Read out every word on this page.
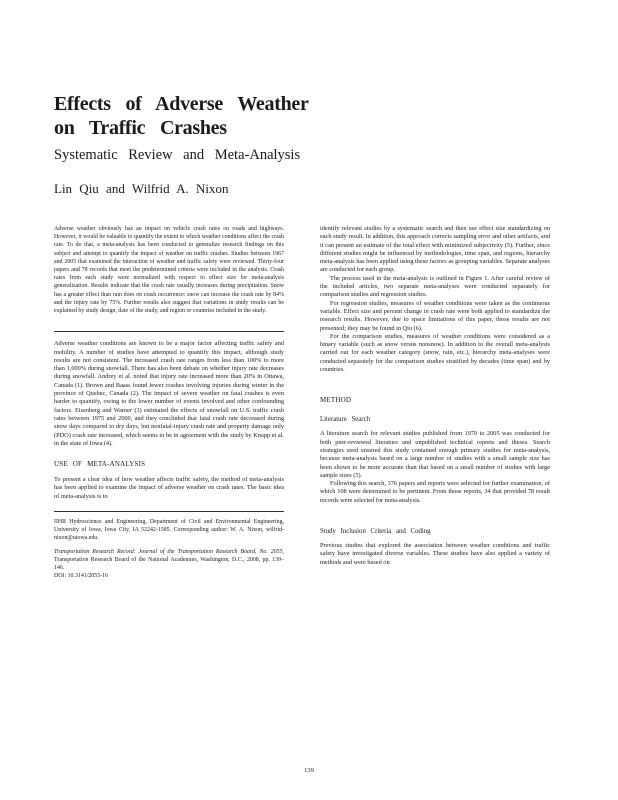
Effects of Adverse Weather

on Traffic Crashes

Systematic Review and Meta-Analysis

Lin Qiu and Wilfrid A. Nixon

Adverse weather obviously has an impact on vehicle crash rates on roads and highways. However, it would be valuable to quantify the extent to which weather conditions affect the crash rate. To do that, a meta-analysis has been conducted to generalize research findings on this subject and attempt to quantify the impact of weather on traffic crashes. Studies between 1967 and 2005 that examined the interaction of weather and traffic safety were reviewed. Thirty-four papers and 78 records that meet the predetermined criteria were included in the analysis. Crash rates from each study were normalized with respect to effect size for meta-analysis generalization. Results indicate that the crash rate usually increases during precipitation. Snow has a greater effect than rain does on crash occurrence: snow can increase the crash rate by 84% and the injury rate by 75%. Further results also suggest that variations in study results can be explained by study design, date of the study, and region or countries included in the study.

Adverse weather conditions are known to be a major factor affecting traffic safety and mobility. A number of studies have attempted to quantify this impact, although study results are not consistent. The increased crash rate ranges from less than 100% to more than 1,000% during snowfall. There has also been debate on whether injury rate decreases during snowfall. Andrey et al. noted that injury rate increased more than 20% in Ottawa, Canada (1). Brown and Baass found fewer crashes involving injuries during winter in the province of Quebec, Canada (2). The impact of severe weather on fatal crashes is even harder to quantify, owing to the lower number of events involved and other confounding factors. Eisenberg and Warner (3) estimated the effects of snowfall on U.S. traffic crash rates between 1975 and 2000, and they concluded that fatal crash rate decreased during snow days compared to dry days, but nonfatal-injury crash rate and property damage only (PDO) crash rate increased, which seems to be in agreement with the study by Knapp et al. in the state of Iowa (4).

USE OF META-ANALYSIS

To present a clear idea of how weather affects traffic safety, the method of meta-analysis has been applied to examine the impact of adverse weather on crash rates. The basic idea of meta-analysis is to

IIHR Hydroscience and Engineering, Department of Civil and Environmental Engineering, University of Iowa, Iowa City, IA 52242-1585. Corresponding author: W. A. Nixon, wilfrid-nixon@uiowa.edu.

Transportation Research Record: Journal of the Transportation Research Board, No. 2055, Transportation Research Board of the National Academies, Washington, D.C., 2008, pp. 139–146.

DOI: 10.3141/2055-16

identify relevant studies by a systematic search and then use effect size standardizing on each study result. In addition, this approach corrects sampling error and other artifacts, and it can present an estimate of the total effect with minimized subjectivity (5). Further, since different studies might be influenced by methodologies, time span, and regions, hierarchy meta-analysis has been applied using these factors as grouping variables. Separate analyses are conducted for each group.

The process used in the meta-analysis is outlined in Figure 1. After careful review of the included articles, two separate meta-analyses were conducted separately for comparison studies and regression studies.

For regression studies, measures of weather conditions were taken as the continuous variable. Effect size and percent change in crash rate were both applied to standardize the research results. However, due to space limitations of this paper, those results are not presented; they may be found in Qiu (6).

For the comparison studies, measures of weather conditions were considered as a binary variable (such as snow versus nonsnow). In addition to the overall meta-analysis carried out for each weather category (snow, rain, etc.), hierarchy meta-analyses were conducted separately for the comparison studies stratified by decades (time span) and by countries.

METHOD
Literature Search

A literature search for relevant studies published from 1970 to 2005 was conducted for both peer-reviewed literature and unpublished technical reports and theses. Search strategies used ensured this study contained enough primary studies for meta-analysis, because meta-analysis based on a large number of studies with a small sample size has been shown to be more accurate than that based on a small number of studies with large sample sizes (5).

Following this search, 376 papers and reports were selected for further examination, of which 108 were determined to be pertinent. From those reports, 34 that provided 78 result records were selected for meta-analysis.

Study Inclusion Criteria and Coding

Previous studies that explored the association between weather conditions and traffic safety have investigated diverse variables. These studies have also applied a variety of methods and were based on

139
